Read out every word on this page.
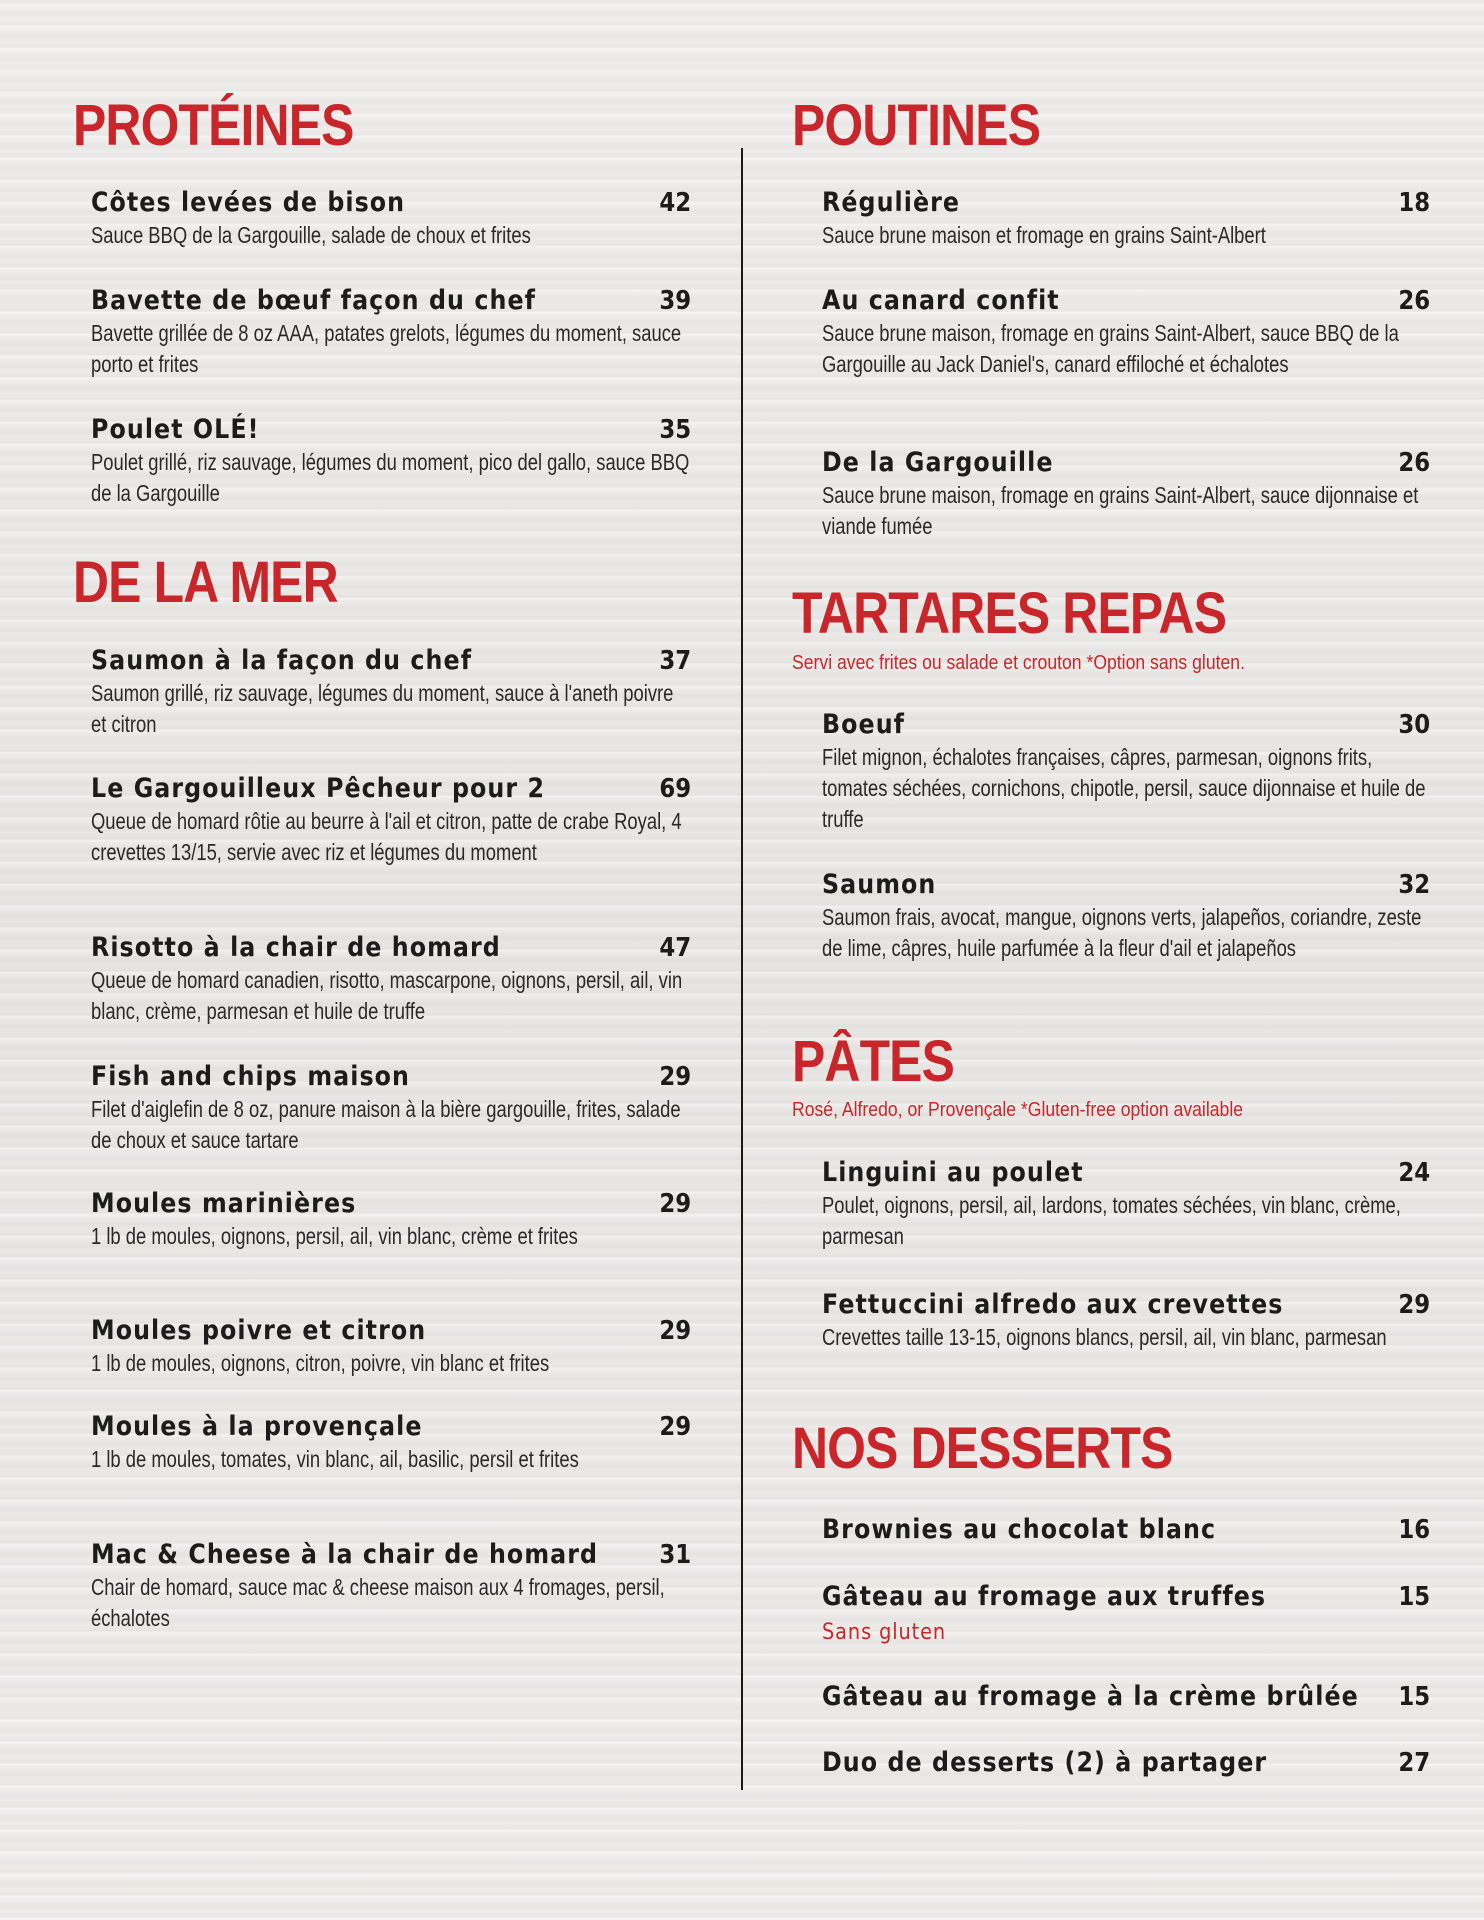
PROTÉINES
Côtes levées de bison	42
Sauce BBQ de la Gargouille, salade de choux et frites
Bavette de bœuf façon du chef	39
Bavette grillée de 8 oz AAA, patates grelots, légumes du moment, sauce porto et frites
Poulet OLÉ!	35
Poulet grillé, riz sauvage, légumes du moment, pico del gallo, sauce BBQ de la Gargouille
DE LA MER
Saumon à la façon du chef	37
Saumon grillé, riz sauvage, légumes du moment, sauce à l'aneth poivre et citron
Le Gargouilleux Pêcheur pour 2	69
Queue de homard rôtie au beurre à l'ail et citron, patte de crabe Royal, 4 crevettes 13/15, servie avec riz et légumes du moment
Risotto à la chair de homard	47
Queue de homard canadien, risotto, mascarpone, oignons, persil, ail, vin blanc, crème, parmesan et huile de truffe
Fish and chips maison	29
Filet d'aiglefin de 8 oz, panure maison à la bière gargouille, frites, salade de choux et sauce tartare
Moules marinières	29
1 lb de moules, oignons, persil, ail, vin blanc, crème et frites
Moules poivre et citron	29
1 lb de moules, oignons, citron, poivre, vin blanc et frites
Moules à la provençale	29
1 lb de moules, tomates, vin blanc, ail, basilic, persil et frites
Mac & Cheese à la chair de homard	31
Chair de homard, sauce mac & cheese maison aux 4 fromages, persil, échalotes
POUTINES
Régulière	18
Sauce brune maison et fromage en grains Saint-Albert
Au canard confit	26
Sauce brune maison, fromage en grains Saint-Albert, sauce BBQ de la Gargouille au Jack Daniel's, canard effiloché et échalotes
De la Gargouille	26
Sauce brune maison, fromage en grains Saint-Albert, sauce dijonnaise et viande fumée
TARTARES REPAS
Servi avec frites ou salade et crouton *Option sans gluten.
Boeuf	30
Filet mignon, échalotes françaises, câpres, parmesan, oignons frits, tomates séchées, cornichons, chipotle, persil, sauce dijonnaise et huile de truffe
Saumon	32
Saumon frais, avocat, mangue, oignons verts, jalapeños, coriandre, zeste de lime, câpres, huile parfumée à la fleur d'ail et jalapeños
PÂTES
Rosé, Alfredo, or Provençale *Gluten-free option available
Linguini au poulet	24
Poulet, oignons, persil, ail, lardons, tomates séchées, vin blanc, crème, parmesan
Fettuccini alfredo aux crevettes	29
Crevettes taille 13-15, oignons blancs, persil, ail, vin blanc, parmesan
NOS DESSERTS
Brownies au chocolat blanc	16
Gâteau au fromage aux truffes	15
Sans gluten
Gâteau au fromage à la crème brûlée 15
Duo de desserts (2) à partager	27
